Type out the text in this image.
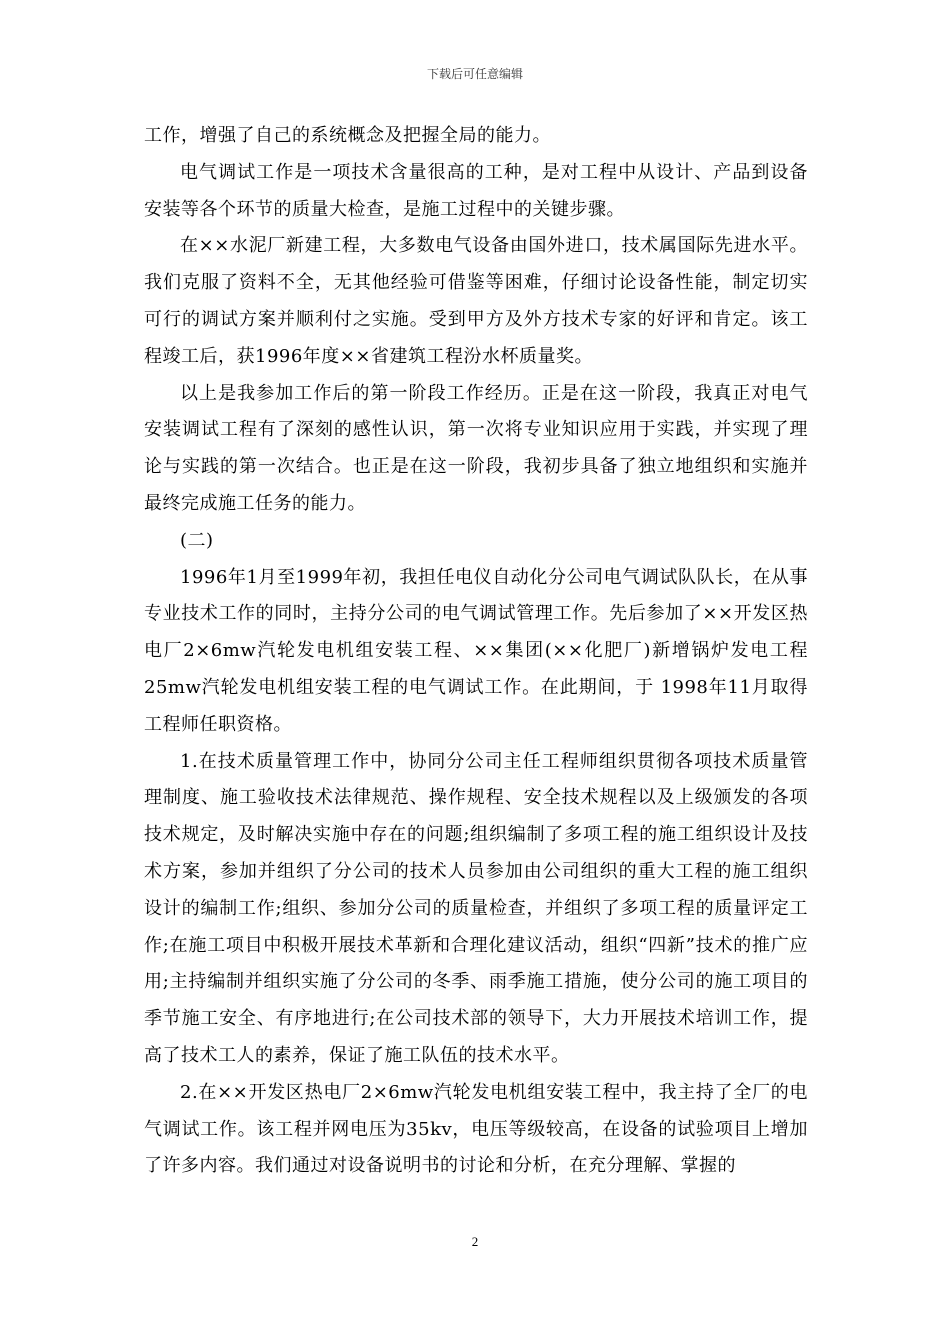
下载后可任意编辑

工作，增强了自己的系统概念及把握全局的能力。

电气调试工作是一项技术含量很高的工种，是对工程中从设计、产品到设备安装等各个环节的质量大检查，是施工过程中的关键步骤。

在××水泥厂新建工程，大多数电气设备由国外进口，技术属国际先进水平。我们克服了资料不全，无其他经验可借鉴等困难，仔细讨论设备性能，制定切实可行的调试方案并顺利付之实施。受到甲方及外方技术专家的好评和肯定。该工程竣工后，获1996年度××省建筑工程汾水杯质量奖。

以上是我参加工作后的第一阶段工作经历。正是在这一阶段，我真正对电气安装调试工程有了深刻的感性认识，第一次将专业知识应用于实践，并实现了理论与实践的第一次结合。也正是在这一阶段，我初步具备了独立地组织和实施并最终完成施工任务的能力。

(二)

1996年1月至1999年初，我担任电仪自动化分公司电气调试队队长，在从事专业技术工作的同时，主持分公司的电气调试管理工作。先后参加了××开发区热电厂2×6mw汽轮发电机组安装工程、××集团(××化肥厂)新增锅炉发电工程25mw汽轮发电机组安装工程的电气调试工作。在此期间，于 1998年11月取得工程师任职资格。

1.在技术质量管理工作中，协同分公司主任工程师组织贯彻各项技术质量管理制度、施工验收技术法律规范、操作规程、安全技术规程以及上级颁发的各项技术规定，及时解决实施中存在的问题;组织编制了多项工程的施工组织设计及技术方案，参加并组织了分公司的技术人员参加由公司组织的重大工程的施工组织设计的编制工作;组织、参加分公司的质量检查，并组织了多项工程的质量评定工作;在施工项目中积极开展技术革新和合理化建议活动，组织“四新”技术的推广应用;主持编制并组织实施了分公司的冬季、雨季施工措施，使分公司的施工项目的季节施工安全、有序地进行;在公司技术部的领导下，大力开展技术培训工作，提高了技术工人的素养，保证了施工队伍的技术水平。

2.在××开发区热电厂2×6mw汽轮发电机组安装工程中，我主持了全厂的电气调试工作。该工程并网电压为35kv，电压等级较高，在设备的试验项目上增加了许多内容。我们通过对设备说明书的讨论和分析，在充分理解、掌握的

2
